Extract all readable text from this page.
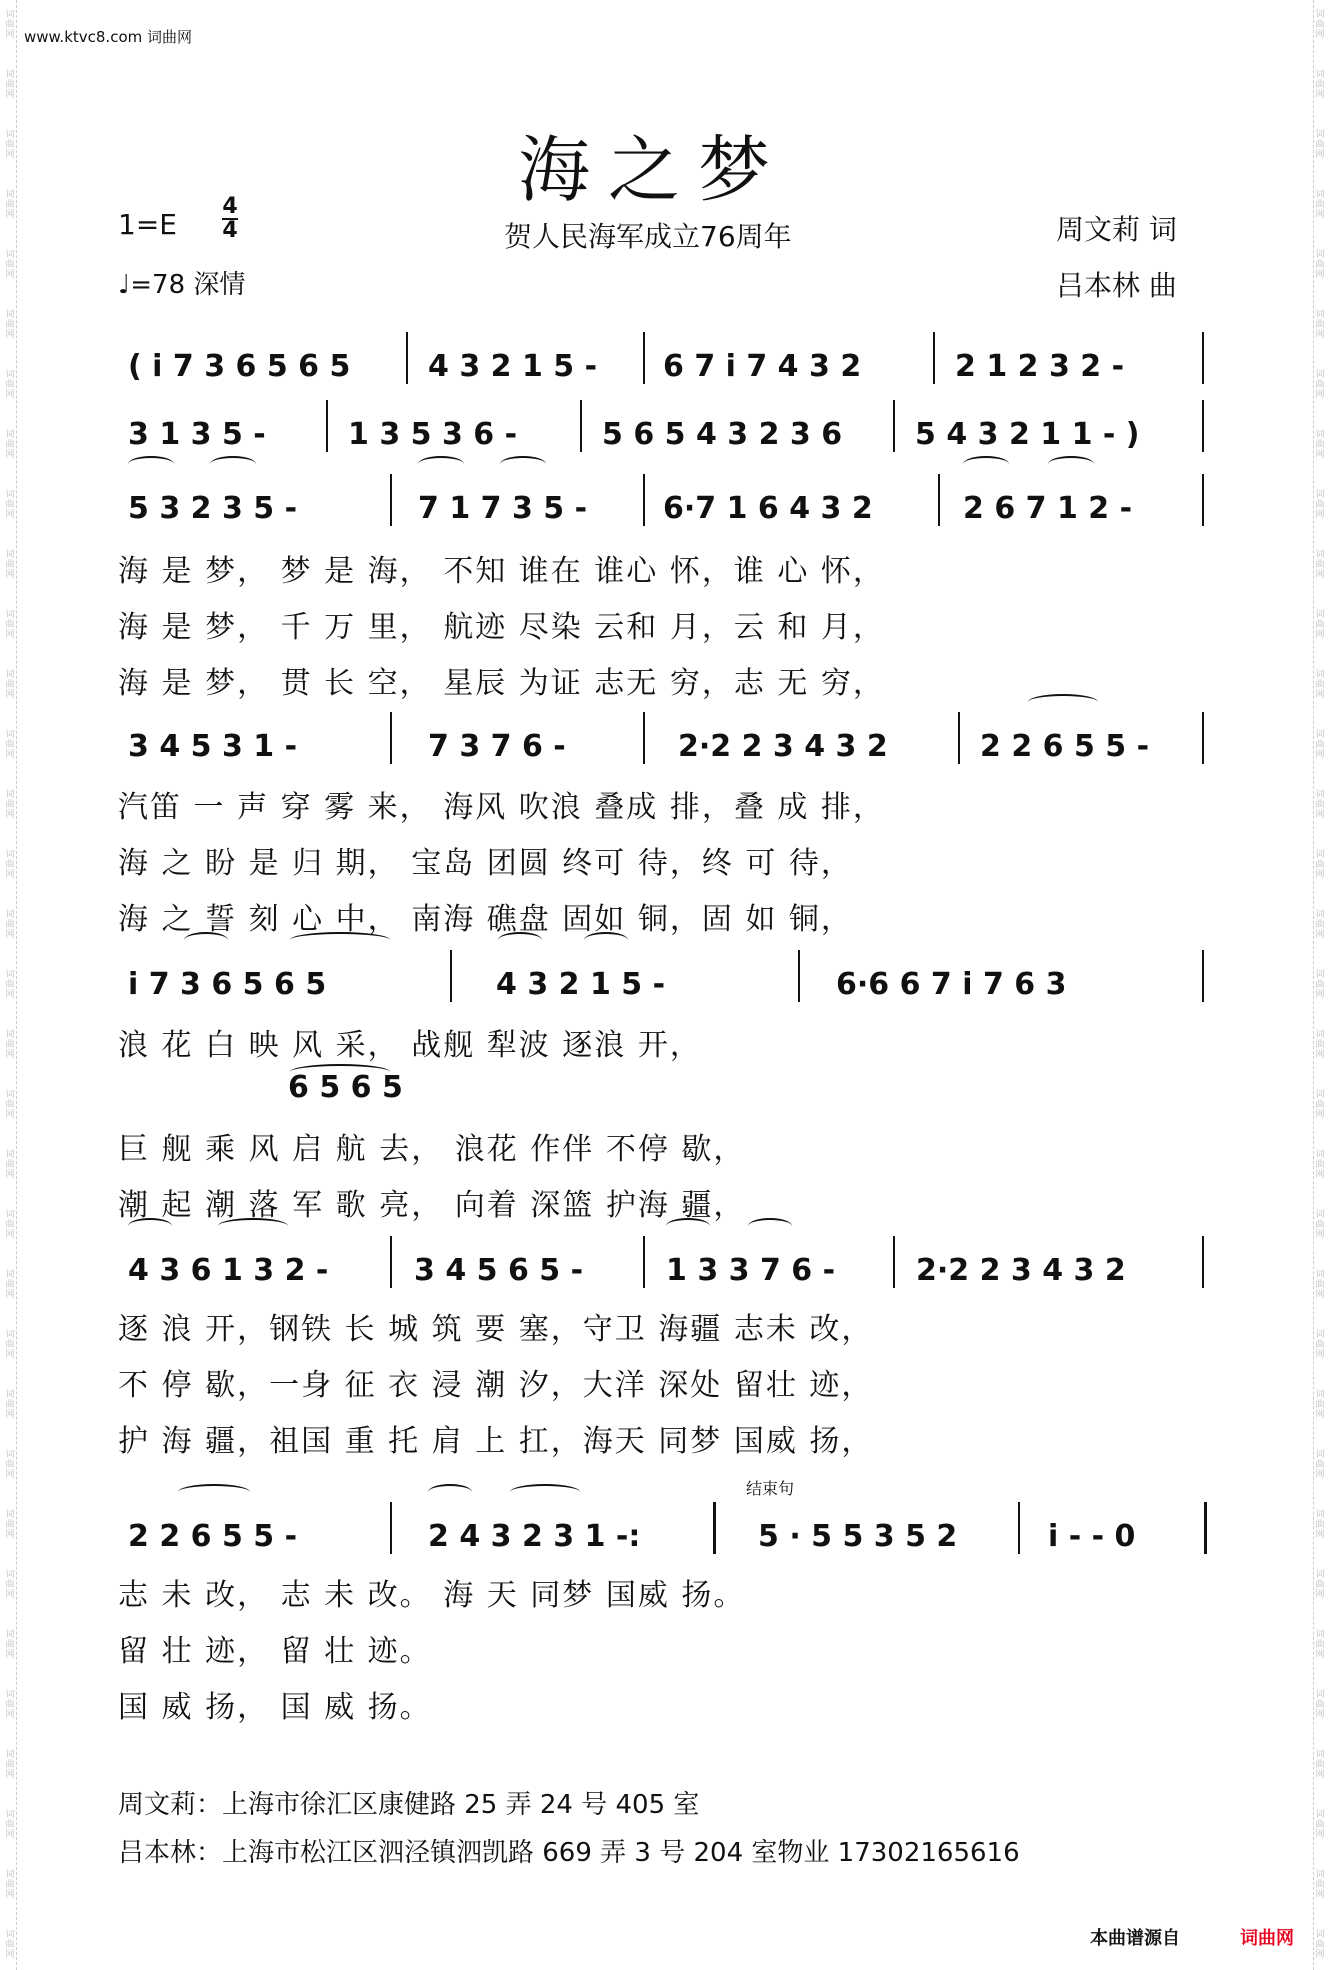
www.ktvc8.com 词曲网
海之梦
贺人民海军成立76周年
1=E
4
4
♩=78 深情
周文莉 词
吕本林 曲
( i 7 3 6 5 6 5	4 3 2 1 5 - 6 7 i 7 4 3 2	2 1 2 3 2 -
3 1 3 5 -	1 3 5 3 6 -	5 6 5 4 3 2 3 6 5 4 3 2 1 1 - )
5 3 2 3 5 -	7 1 7 3 5 -	6·7 1 6 4 3 2	2 6 7 1 2 -
海 是 梦， 梦 是 海， 不知 谁在 谁心 怀，谁 心 怀，
海 是 梦， 千 万 里， 航迹 尽染 云和 月，云 和 月，
海 是 梦， 贯 长 空， 星辰 为证 志无 穷，志 无 穷，
3 4 5 3 1 -	7 3 7 6 -	2·2 2 3 4 3 2	2 2 6 5 5 -
汽笛 一 声 穿 雾 来， 海风 吹浪 叠成 排，叠 成 排，
海 之 盼 是 归 期， 宝岛 团圆 终可 待，终 可 待，
海 之 誓 刻 心 中， 南海 礁盘 固如 铜，固 如 铜，
i 7 3 6 5 6 5	4 3 2 1 5 -	6·6 6 7 i 7 6 3
浪 花 白 映 风 采， 战舰 犁波 逐浪 开，
6 5 6 5
巨 舰 乘 风 启 航 去， 浪花 作伴 不停 歇，
潮 起 潮 落 军 歌 亮， 向着 深篮 护海 疆，
4 3 6 1 3 2 -	3 4 5 6 5 -	1 3 3 7 6 -	2·2 2 3 4 3 2
逐 浪 开，钢铁 长 城 筑 要 塞，守卫 海疆 志未 改，
不 停 歇，一身 征 衣 浸 潮 汐，大洋 深处 留壮 迹，
护 海 疆，祖国 重 托 肩 上 扛，海天 同梦 国威 扬，
结束句
2 2 6 5 5 -	2 4 3 2 3 1 -:	5 · 5 5 3 5 2	i - - 0
志 未 改， 志 未 改。 海 天 同梦 国威 扬。
留 壮 迹， 留 壮 迹。
国 威 扬， 国 威 扬。
周文莉：上海市徐汇区康健路 25 弄 24 号 405 室
吕本林：上海市松江区泗泾镇泗凯路 669 弄 3 号 204 室物业 17302165616
本曲谱源自	词曲网
词曲网
词曲网
词曲网
词曲网
词曲网
词曲网
词曲网
词曲网
词曲网
词曲网
词曲网
词曲网
词曲网
词曲网
词曲网
词曲网
词曲网
词曲网
词曲网
词曲网
词曲网
词曲网
词曲网
词曲网
词曲网
词曲网
词曲网
词曲网
词曲网
词曲网
词曲网
词曲网
词曲网
词曲网
词曲网
词曲网
词曲网
词曲网
词曲网
词曲网
词曲网
词曲网
词曲网
词曲网
词曲网
词曲网
词曲网
词曲网
词曲网
词曲网
词曲网
词曲网
词曲网
词曲网
词曲网
词曲网
词曲网
词曲网
词曲网
词曲网
词曲网
词曲网
词曲网
词曲网
词曲网
词曲网
